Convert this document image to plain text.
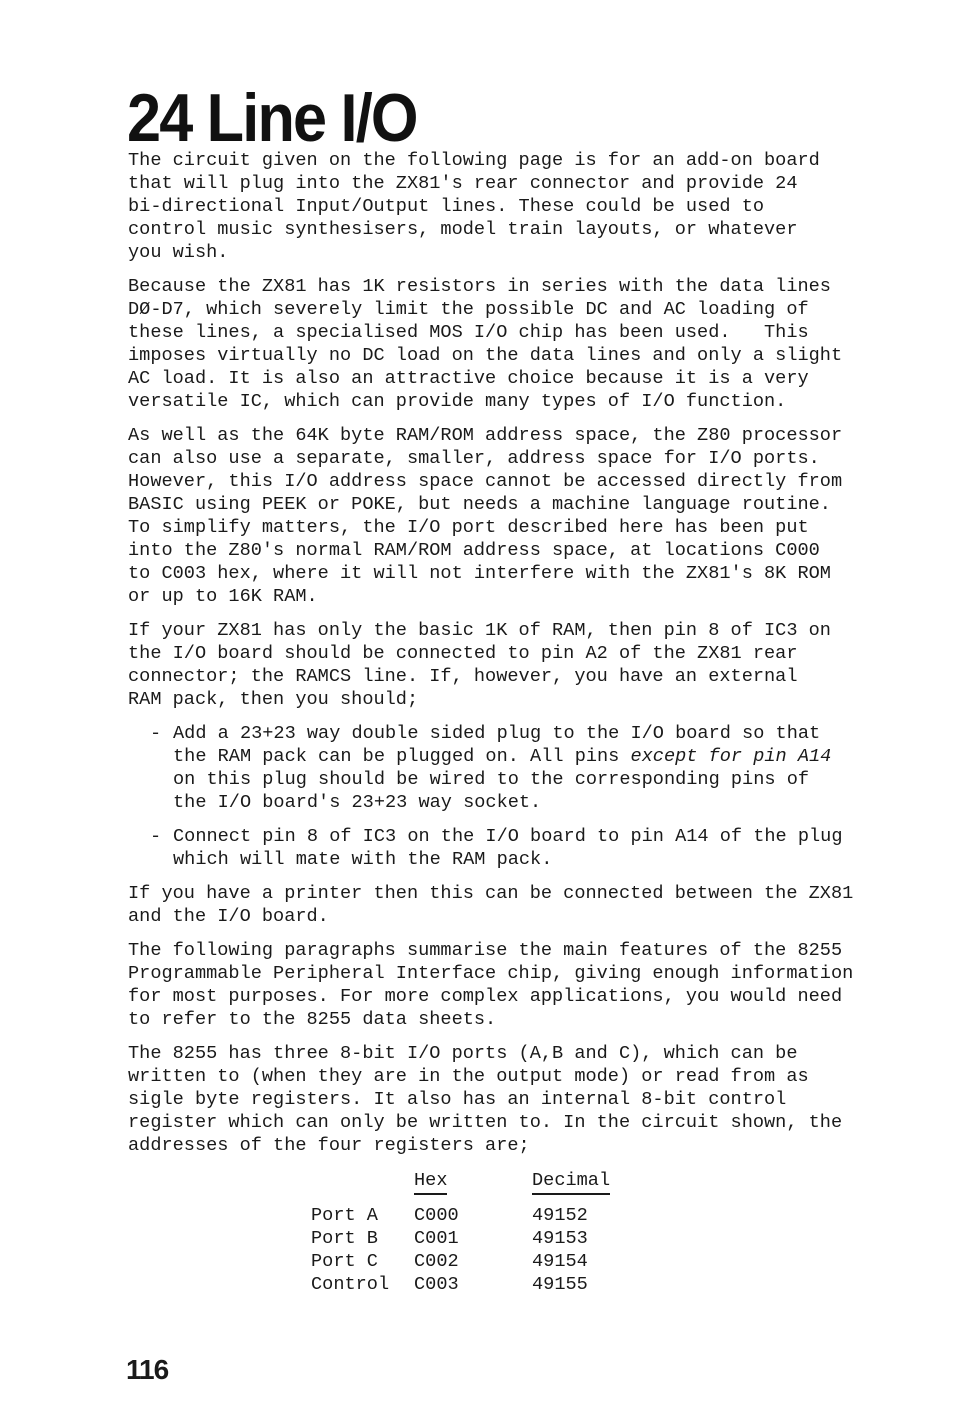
24 Line I/O

The circuit given on the following page is for an add-on board
that will plug into the ZX81's rear connector and provide 24
bi-directional Input/Output lines. These could be used to
control music synthesisers, model train layouts, or whatever
you wish.

Because the ZX81 has 1K resistors in series with the data lines
DØ-D7, which severely limit the possible DC and AC loading of
these lines, a specialised MOS I/O chip has been used.   This
imposes virtually no DC load on the data lines and only a slight
AC load. It is also an attractive choice because it is a very
versatile IC, which can provide many types of I/O function.

As well as the 64K byte RAM/ROM address space, the Z80 processor
can also use a separate, smaller, address space for I/O ports.
However, this I/O address space cannot be accessed directly from
BASIC using PEEK or POKE, but needs a machine language routine.
To simplify matters, the I/O port described here has been put
into the Z80's normal RAM/ROM address space, at locations C000
to C003 hex, where it will not interfere with the ZX81's 8K ROM
or up to 16K RAM.

If your ZX81 has only the basic 1K of RAM, then pin 8 of IC3 on
the I/O board should be connected to pin A2 of the ZX81 rear
connector; the RAMCS line. If, however, you have an external
RAM pack, then you should;

- Add a 23+23 way double sided plug to the I/O board so that
the RAM pack can be plugged on. All pins except for pin A14
on this plug should be wired to the corresponding pins of
the I/O board's 23+23 way socket.
- Connect pin 8 of IC3 on the I/O board to pin A14 of the plug
which will mate with the RAM pack.

If you have a printer then this can be connected between the ZX81
and the I/O board.

The following paragraphs summarise the main features of the 8255
Programmable Peripheral Interface chip, giving enough information
for most purposes. For more complex applications, you would need
to refer to the 8255 data sheets.

The 8255 has three 8-bit I/O ports (A,B and C), which can be
written to (when they are in the output mode) or read from as
sigle byte registers. It also has an internal 8-bit control
register which can only be written to. In the circuit shown, the
addresses of the four registers are;

	Hex	Decimal
Port A	C000	49152
Port B	C001	49153
Port C	C002	49154
Control	C003	49155
116
